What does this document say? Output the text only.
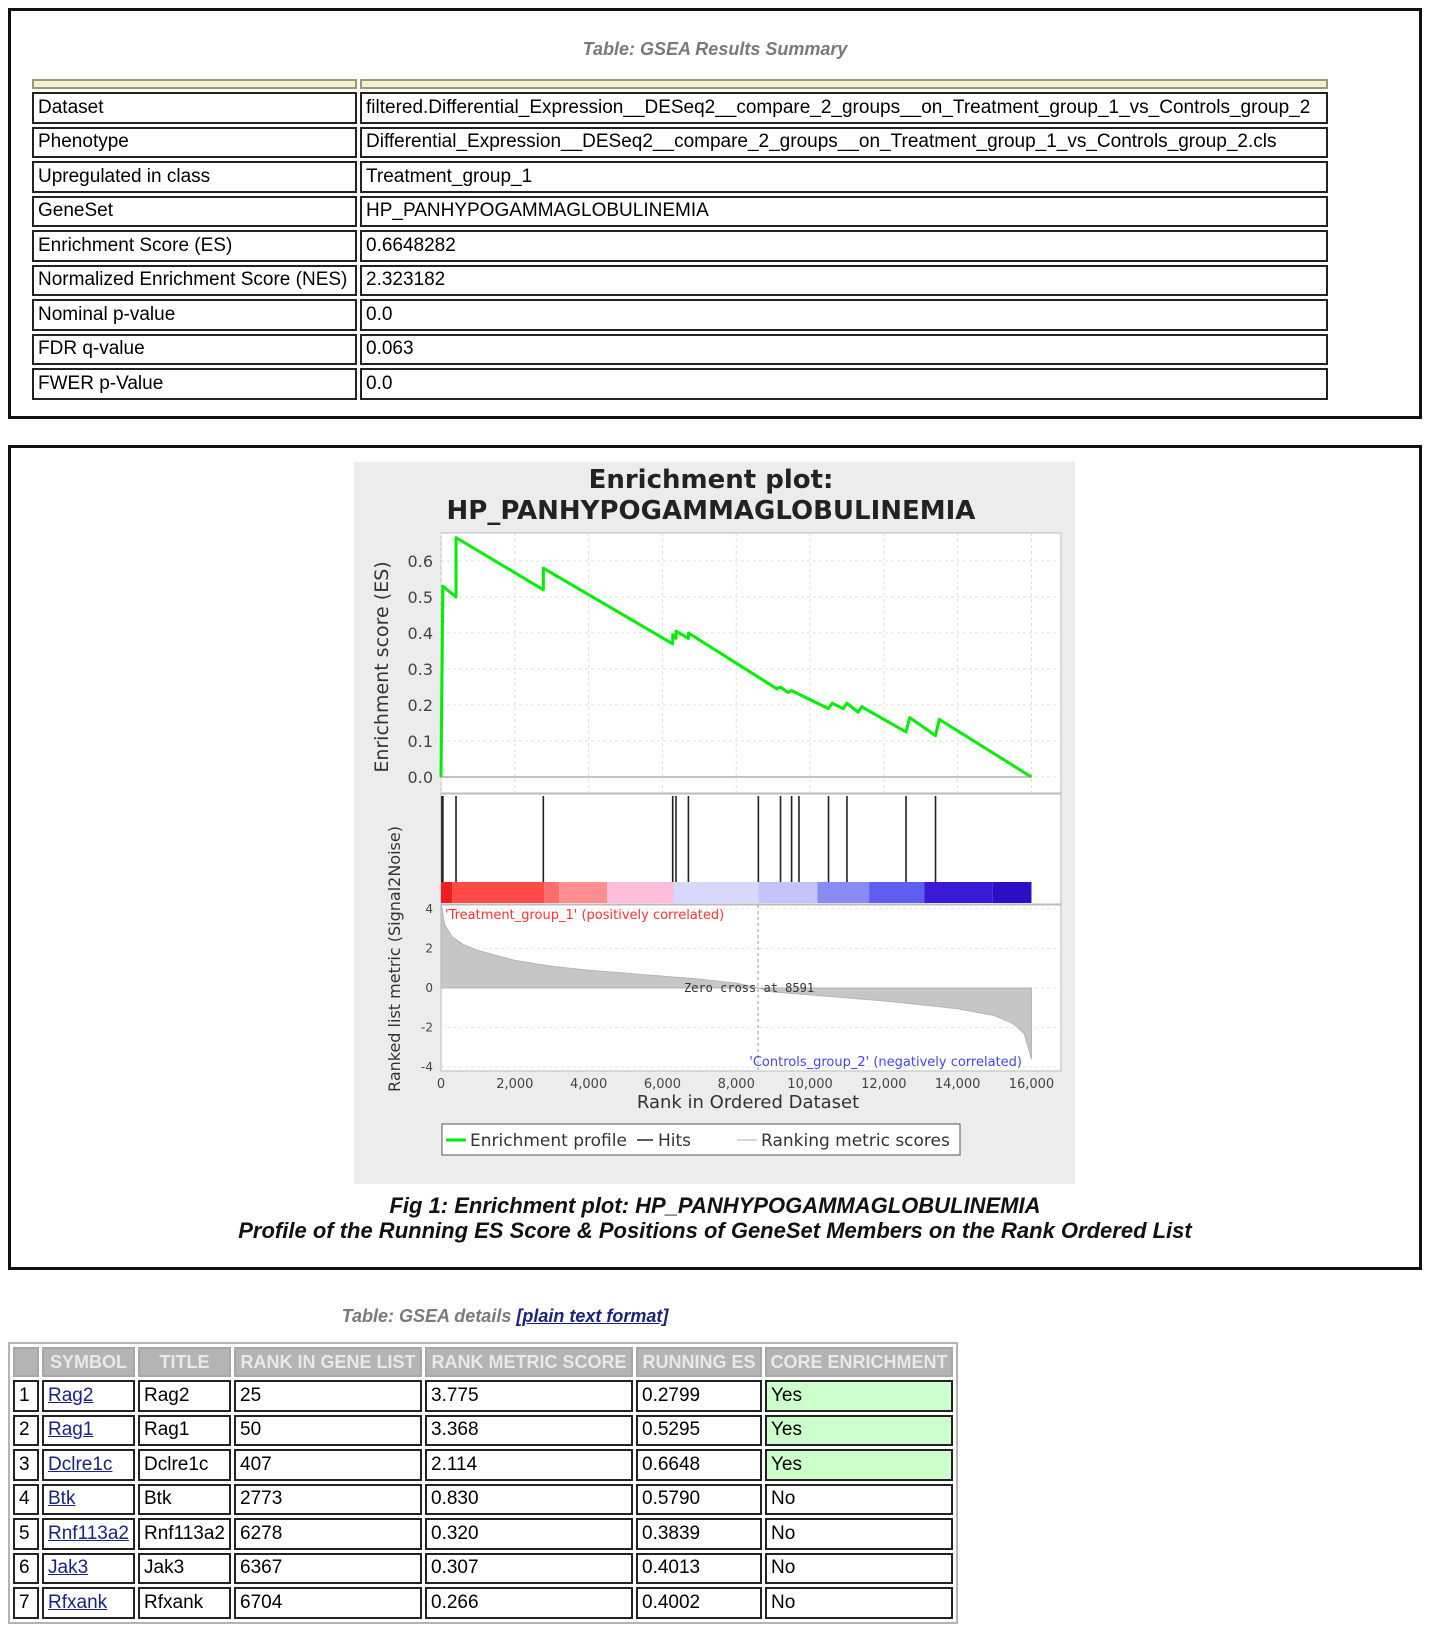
Table: GSEA Results Summary

Dataset	filtered.Differential_Expression__DESeq2__compare_2_groups__on_Treatment_group_1_vs_Controls_group_2
Phenotype	Differential_Expression__DESeq2__compare_2_groups__on_Treatment_group_1_vs_Controls_group_2.cls
Upregulated in class	Treatment_group_1
GeneSet	HP_PANHYPOGAMMAGLOBULINEMIA
Enrichment Score (ES)	0.6648282
Normalized Enrichment Score (NES)	2.323182
Nominal p-value	0.0
FDR q-value	0.063
FWER p-Value	0.0
Enrichment plot:
HP_PANHYPOGAMMAGLOBULINEMIA
0.0
0.1
0.2
0.3
0.4
0.5
0.6
4
2
0
-2
-4
0	2,000	4,000	6,000	8,000 10,000 12,000 14,000 16,000
'Treatment_group_1' (positively correlated)
'Controls_group_2' (negatively correlated)
Zero cross at 8591
Enrichment score (ES)
Ranked list metric (Signal2Noise)
Rank in Ordered Dataset
Enrichment profile Hits	Ranking metric scores
Fig 1: Enrichment plot: HP_PANHYPOGAMMAGLOBULINEMIA
Profile of the Running ES Score & Positions of GeneSet Members on the Rank Ordered List
Table: GSEA details [plain text format]
	SYMBOL	TITLE	RANK IN GENE LIST	RANK METRIC SCORE	RUNNING ES	CORE ENRICHMENT
1	Rag2	Rag2	25	3.775	0.2799	Yes
2	Rag1	Rag1	50	3.368	0.5295	Yes
3	Dclre1c	Dclre1c	407	2.114	0.6648	Yes
4	Btk	Btk	2773	0.830	0.5790	No
5	Rnf113a2	Rnf113a2	6278	0.320	0.3839	No
6	Jak3	Jak3	6367	0.307	0.4013	No
7	Rfxank	Rfxank	6704	0.266	0.4002	No
